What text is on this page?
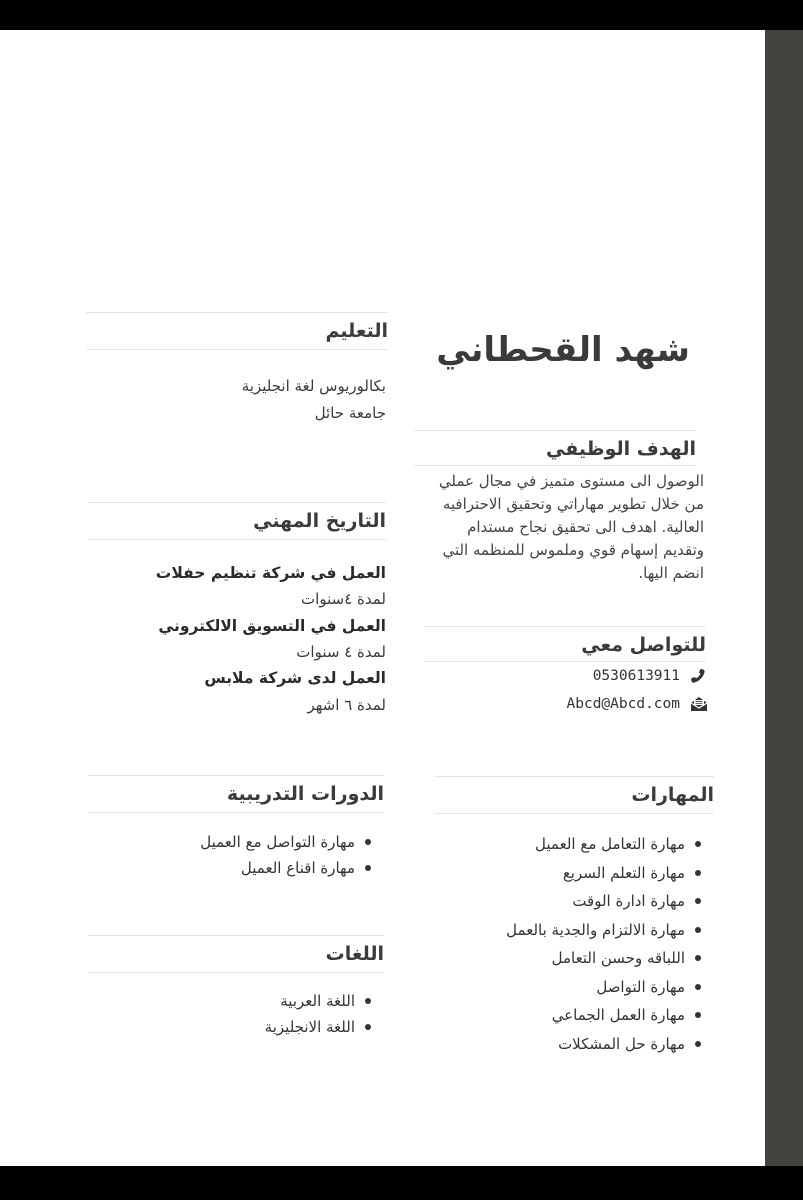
شهد القحطاني
الهدف الوظيفي
الوصول الى مستوى متميز في مجال عملي
من خلال تطوير مهاراتي وتحقيق الاحترافيه
العالية. اهدف الى تحقيق نجاح مستدام
وتقديم إسهام قوي وملموس للمنظمه التي
انضم اليها.
للتواصل معي
0530613911
Abcd@Abcd.com
المهارات
مهارة التعامل مع العميل
مهارة التعلم السريع
مهارة ادارة الوقت
مهارة الالتزام والجدية بالعمل
اللباقه وحسن التعامل
مهارة التواصل
مهارة العمل الجماعي
مهارة حل المشكلات
التعليم
بكالوريوس لغة انجليزية
جامعة حائل
التاريخ المهني
العمل في شركة تنظيم حفلات
لمدة ٤سنوات
العمل في التسويق الالكتروني
لمدة ٤ سنوات
العمل لدى شركة ملابس
لمدة ٦ اشهر
الدورات التدريبية
مهارة التواصل مع العميل
مهارة اقناع العميل
اللغات
اللغة العربية
اللغة الانجليزية
